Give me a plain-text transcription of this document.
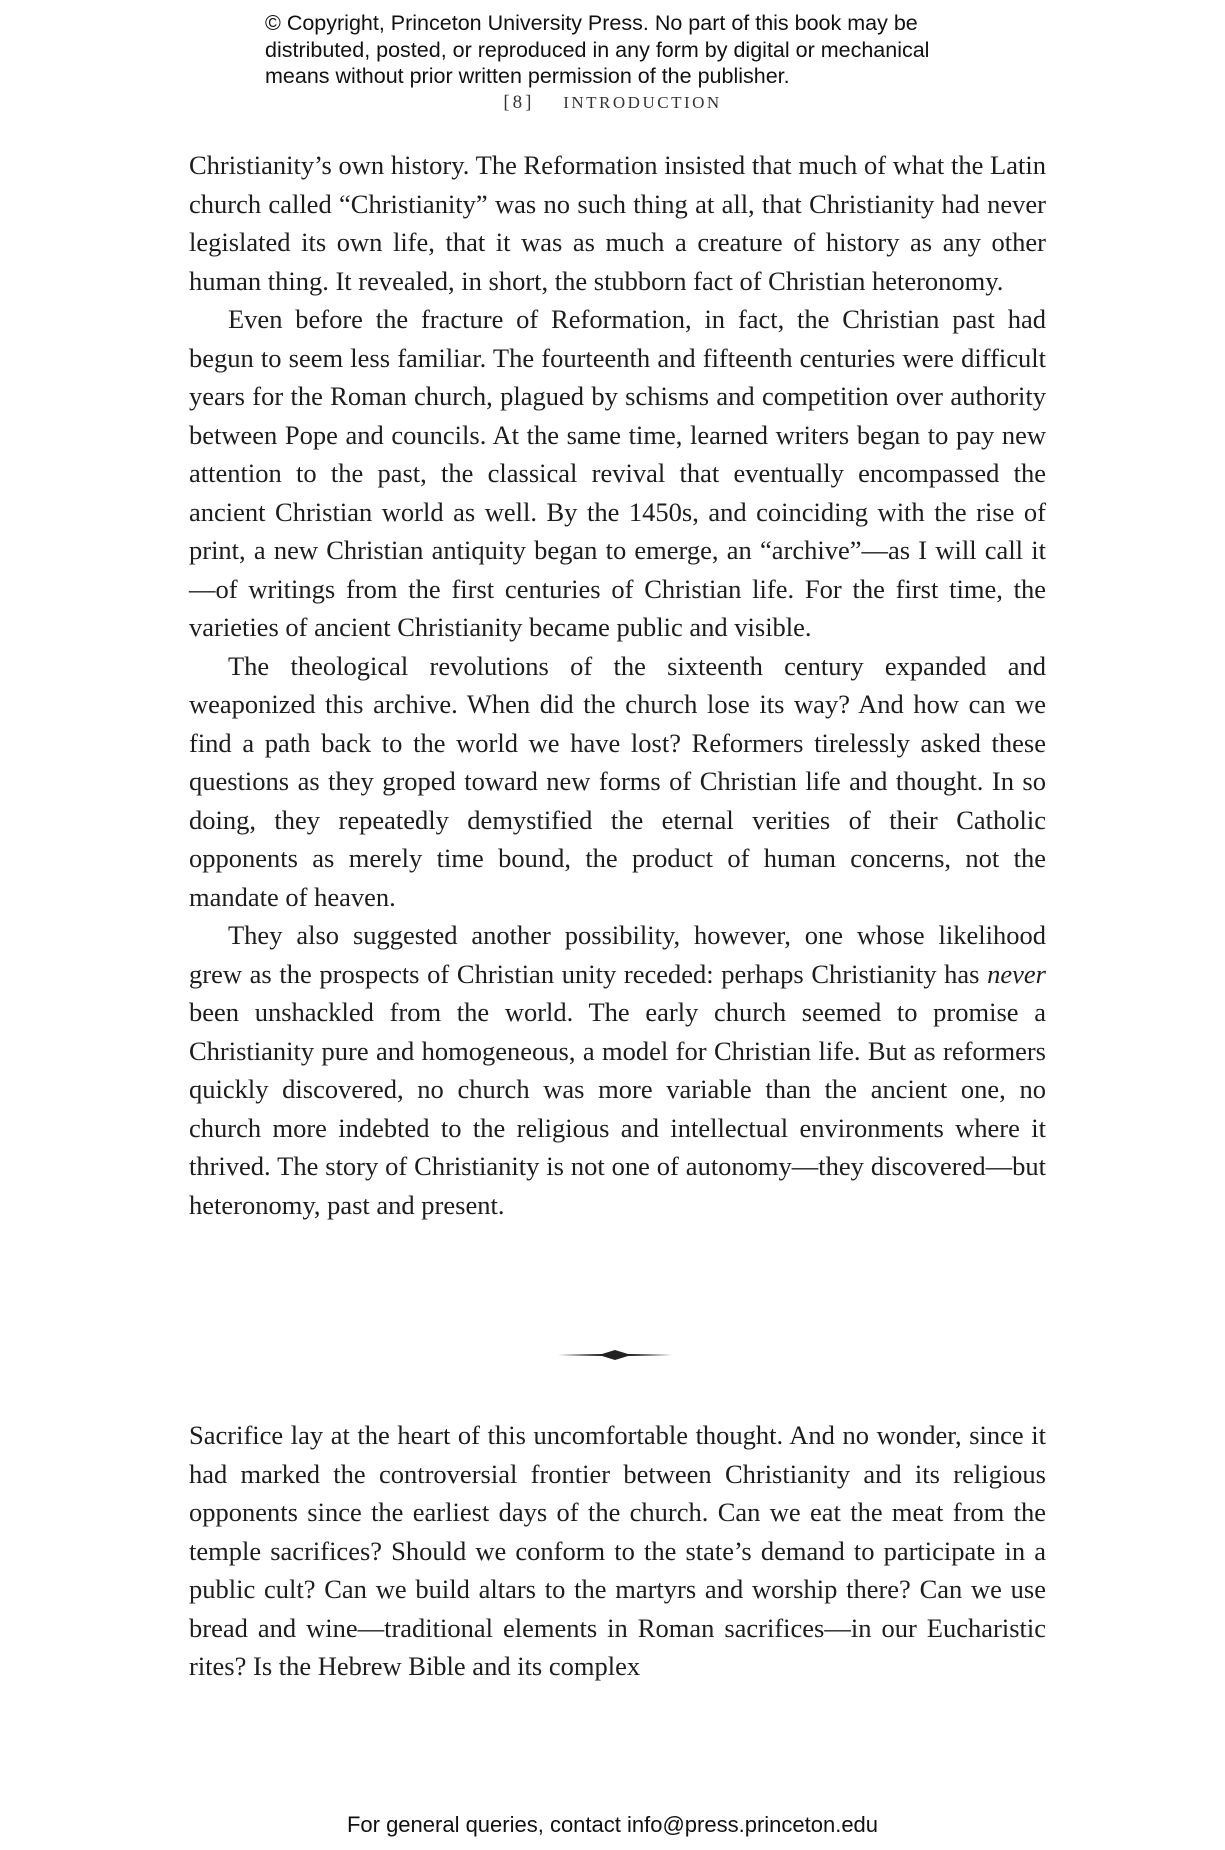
© Copyright, Princeton University Press. No part of this book may be distributed, posted, or reproduced in any form by digital or mechanical means without prior written permission of the publisher.
[8] INTRODUCTION

Christianity’s own history. The Reformation insisted that much of what the Latin church called “Christianity” was no such thing at all, that Christianity had never legislated its own life, that it was as much a creature of history as any other human thing. It revealed, in short, the stubborn fact of Christian heteronomy.

Even before the fracture of Reformation, in fact, the Christian past had begun to seem less familiar. The fourteenth and fifteenth centuries were difficult years for the Roman church, plagued by schisms and competition over authority between Pope and councils. At the same time, learned writers began to pay new attention to the past, the classical revival that eventually encompassed the ancient Christian world as well. By the 1450s, and coinciding with the rise of print, a new Christian antiquity began to emerge, an “archive”—as I will call it—of writings from the first centuries of Christian life. For the first time, the varieties of ancient Christianity became public and visible.

The theological revolutions of the sixteenth century expanded and weaponized this archive. When did the church lose its way? And how can we find a path back to the world we have lost? Reformers tirelessly asked these questions as they groped toward new forms of Christian life and thought. In so doing, they repeatedly demystified the eternal verities of their Catholic opponents as merely time bound, the product of human concerns, not the mandate of heaven.

They also suggested another possibility, however, one whose likelihood grew as the prospects of Christian unity receded: perhaps Christianity has never been unshackled from the world. The early church seemed to promise a Christianity pure and homogeneous, a model for Christian life. But as reformers quickly discovered, no church was more variable than the ancient one, no church more indebted to the religious and intellectual environments where it thrived. The story of Christianity is not one of autonomy—they discovered—but heteronomy, past and present.

Sacrifice lay at the heart of this uncomfortable thought. And no wonder, since it had marked the controversial frontier between Christianity and its religious opponents since the earliest days of the church. Can we eat the meat from the temple sacrifices? Should we conform to the state’s demand to participate in a public cult? Can we build altars to the martyrs and worship there? Can we use bread and wine—traditional elements in Roman sacrifices—in our Eucharistic rites? Is the Hebrew Bible and its complex

For general queries, contact info@press.princeton.edu
